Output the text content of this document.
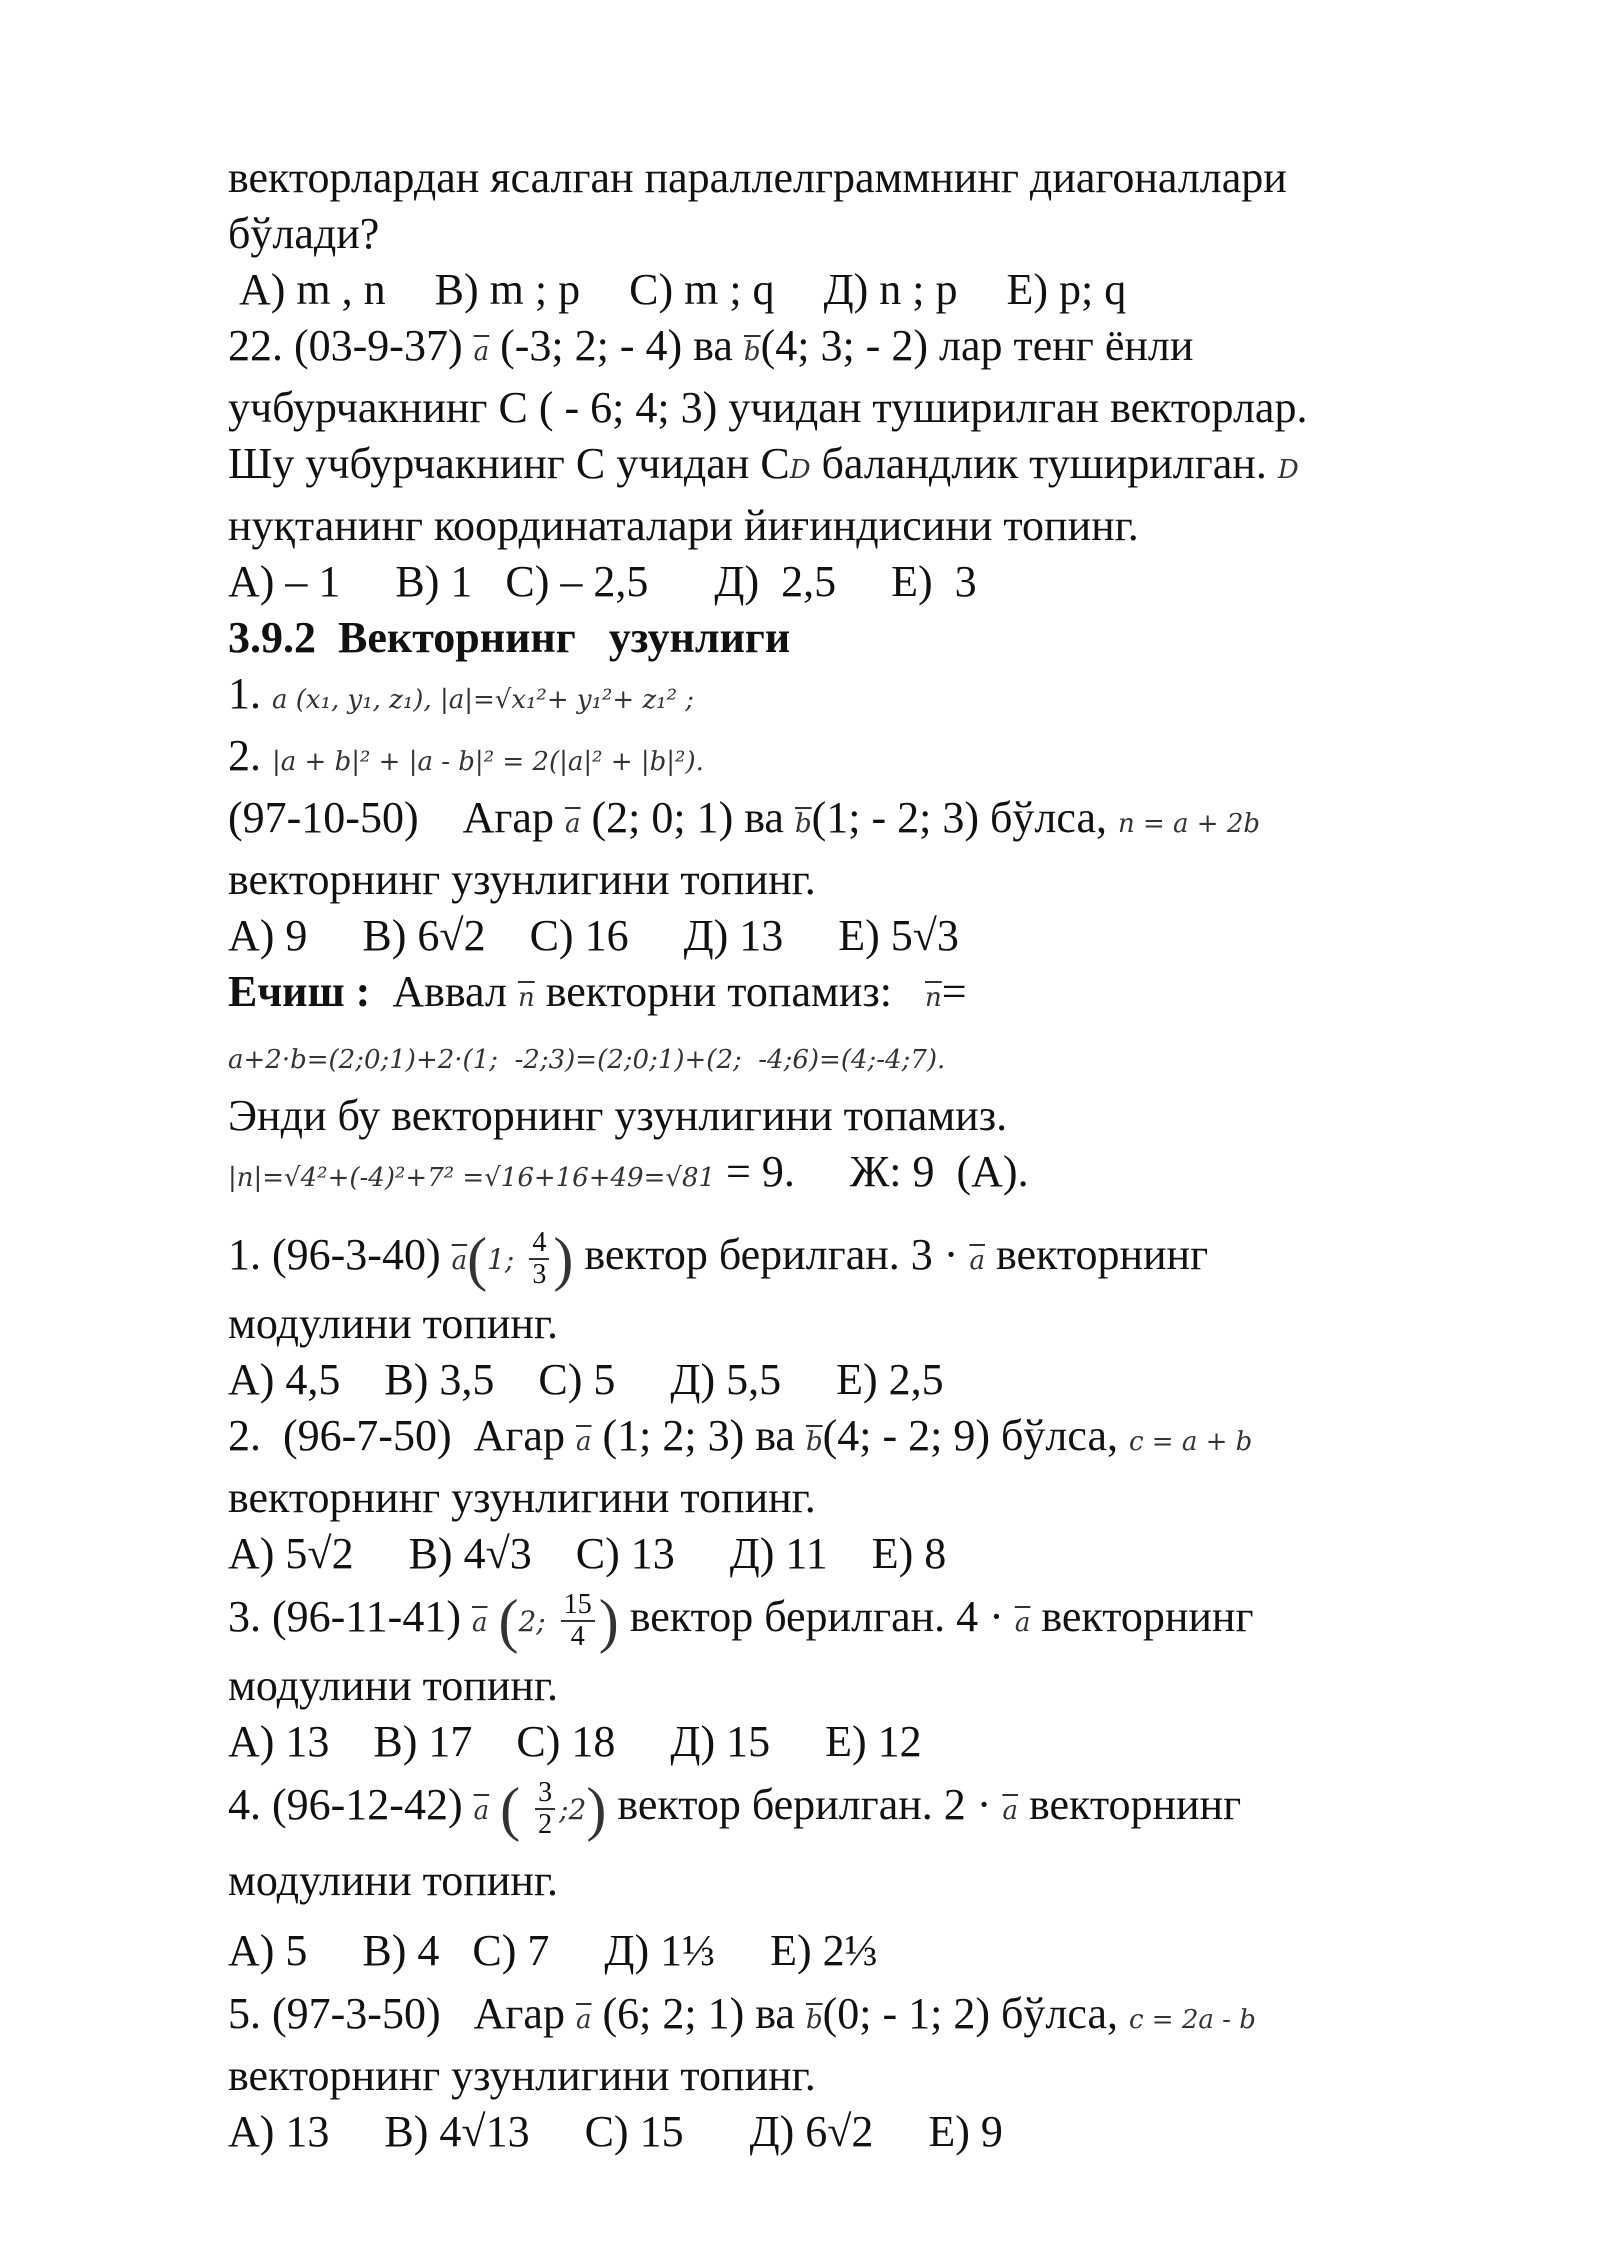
векторлардан ясалган параллелграммнинг диагоналлари
бўлади?
A) m , n B) m ; p C) m ; q Д) n ; p E) p; q
22. (03-9-37) $\overline{a}$ (-3; 2; - 4) ва $\overline{b}(4$; 3; - 2) лар тенг ёнли
учбурчакнинг C ( - 6; 4; 3) учидан туширилган векторлар.
Шу учбурчакнинг C учидан CD баландлик туширилган. D
нуқтанинг координаталари йиғиндисини топинг.
A) – 1     B) 1   C) – 2,5      Д)  2,5     E)  3
3.9.2  Векторнинг   узунлиги
1. a (x₁, y₁, z₁), |a|=√x₁²+ y₁²+ z₁² ;
2. |a + b|² + |a - b|² = 2(|a|² + |b|²).
(97-10-50)    Агар $\overline{a}$ (2; 0; 1) ва $\overline{b}(1$; - 2; 3) бўлса, n = a + 2b
векторнинг узунлигини топинг.
A) 9     B) 6√2    C) 16     Д) 13     E) 5√3
Ечиш : Аввал $\overline{n}$ векторни топамиз: $\overline{n}=$
a+2·b=(2;0;1)+2·(1;  -2;3)=(2;0;1)+(2;  -4;6)=(4;-4;7).
Энди бу векторнинг узунлигини топамиз.
|n|=√4²+(-4)²+7² =√16+16+49=√81 = 9.     Ж: 9  (A).
1. (96-3-40) $\overline{a}(1$; $\frac{4}{3}$ ) вектор берилган. $3 \cdot \overline{a}$ векторнинг
модулини топинг.
A) 4,5    B) 3,5    C) 5     Д) 5,5     E) 2,5
2.  (96-7-50)  Агар $\overline{a}$ (1; 2; 3) ва $\overline{b}(4$; - 2; 9) бўлса, c = a + b
векторнинг узунлигини топинг.
A) 5√2     B) 4√3    C) 13     Д) 11    E) 8
3. (96-11-41) $\overline{a}$ (2; $\frac{15}{4}$ ) вектор берилган. $4 \cdot \overline{a}$ векторнинг
модулини топинг.
A) 13    B) 17    C) 18     Д) 15     E) 12
4. (96-12-42) $\overline{a}$ ( $\frac{3}{2}$ ;2) вектор берилган. $2 \cdot \overline{a}$ векторнинг
модулини топинг.
A) 5     B) 4   C) 7     Д) 1⅓     E) 2⅓
5. (97-3-50)   Агар $\overline{a}$ (6; 2; 1) ва $\overline{b}(0$; - 1; 2) бўлса, c = 2a - b
векторнинг узунлигини топинг.
A) 13     B) 4√13     C) 15      Д) 6√2     E) 9
